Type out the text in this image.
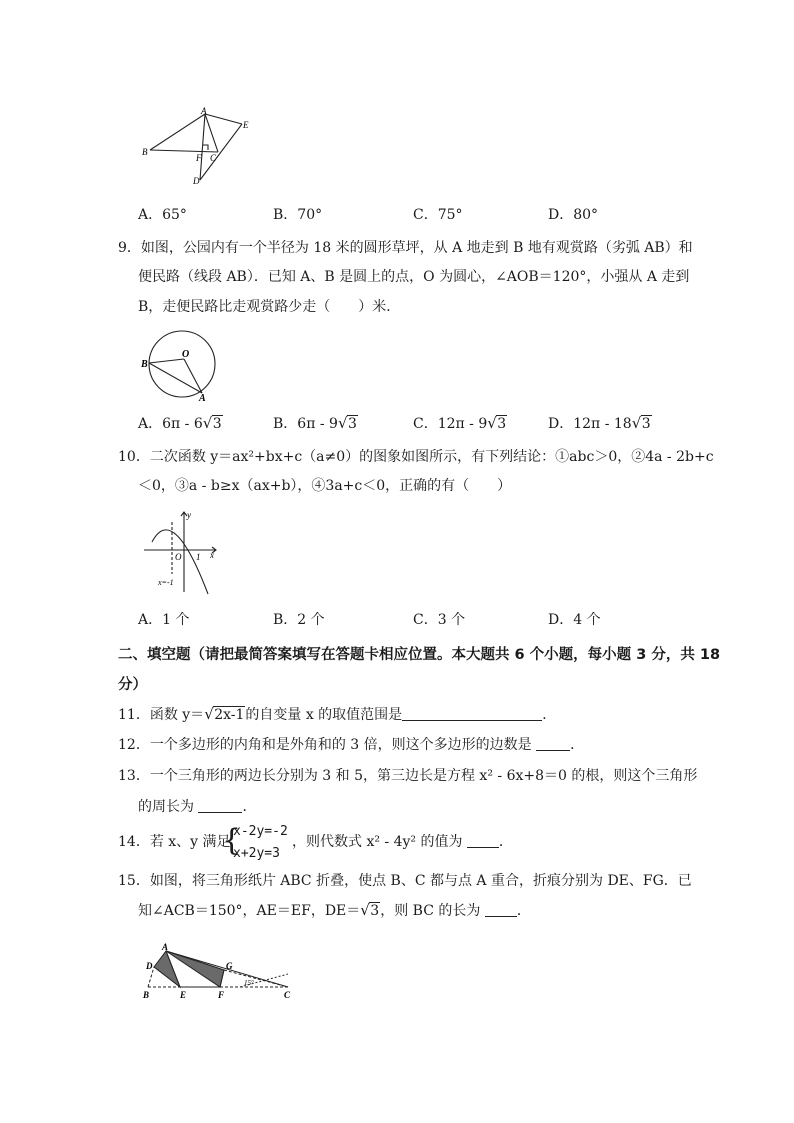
A
E
B
F C
D
A．65°	B．70°	C．75°	D．80°
9．如图，公园内有一个半径为 18 米的圆形草坪，从 A 地走到 B 地有观赏路（劣弧 AB）和
便民路（线段 AB）．已知 A、B 是圆上的点，O 为圆心，∠AOB＝120°，小强从 A 走到
B，走便民路比走观赏路少走（　　）米．
B
O
A
A．6π - 6 √ 3	B．6π - 9 √ 3	C．12π - 9 √ 3	D．12π - 18 √ 3
10．二次函数 y＝ax²+bx+c（a≠0）的图象如图所示，有下列结论：①abc＞0，②4a - 2b+c
＜0，③a - b≥x（ax+b），④3a+c＜0，正确的有（　　）
y
O 1 x
x=-1
A．1 个	B．2 个	C．3 个	D．4 个
二、填空题（请把最简答案填写在答题卡相应位置。本大题共 6 个小题，每小题 3 分，共 18
分）
11．函数 y＝ √ 2x-1的自变量 x 的取值范围是	．
12．一个多边形的内角和是外角和的 3 倍，则这个多边形的边数是	．
13．一个三角形的两边长分别为 3 和 5，第三边长是方程 x² - 6x+8＝0 的根，则这个三角形
的周长为	．
14．若 x、y 满足
{
x-2y=-2
x+2y=3
，则代数式 x² - 4y² 的值为	．
15．如图，将三角形纸片 ABC 折叠，使点 B、C 都与点 A 重合，折痕分别为 DE、FG．已
知∠ACB＝150°，AE＝EF，DE＝ √ 3，则 BC 的长为	．
A
D	G
15°
B	E	F	C
